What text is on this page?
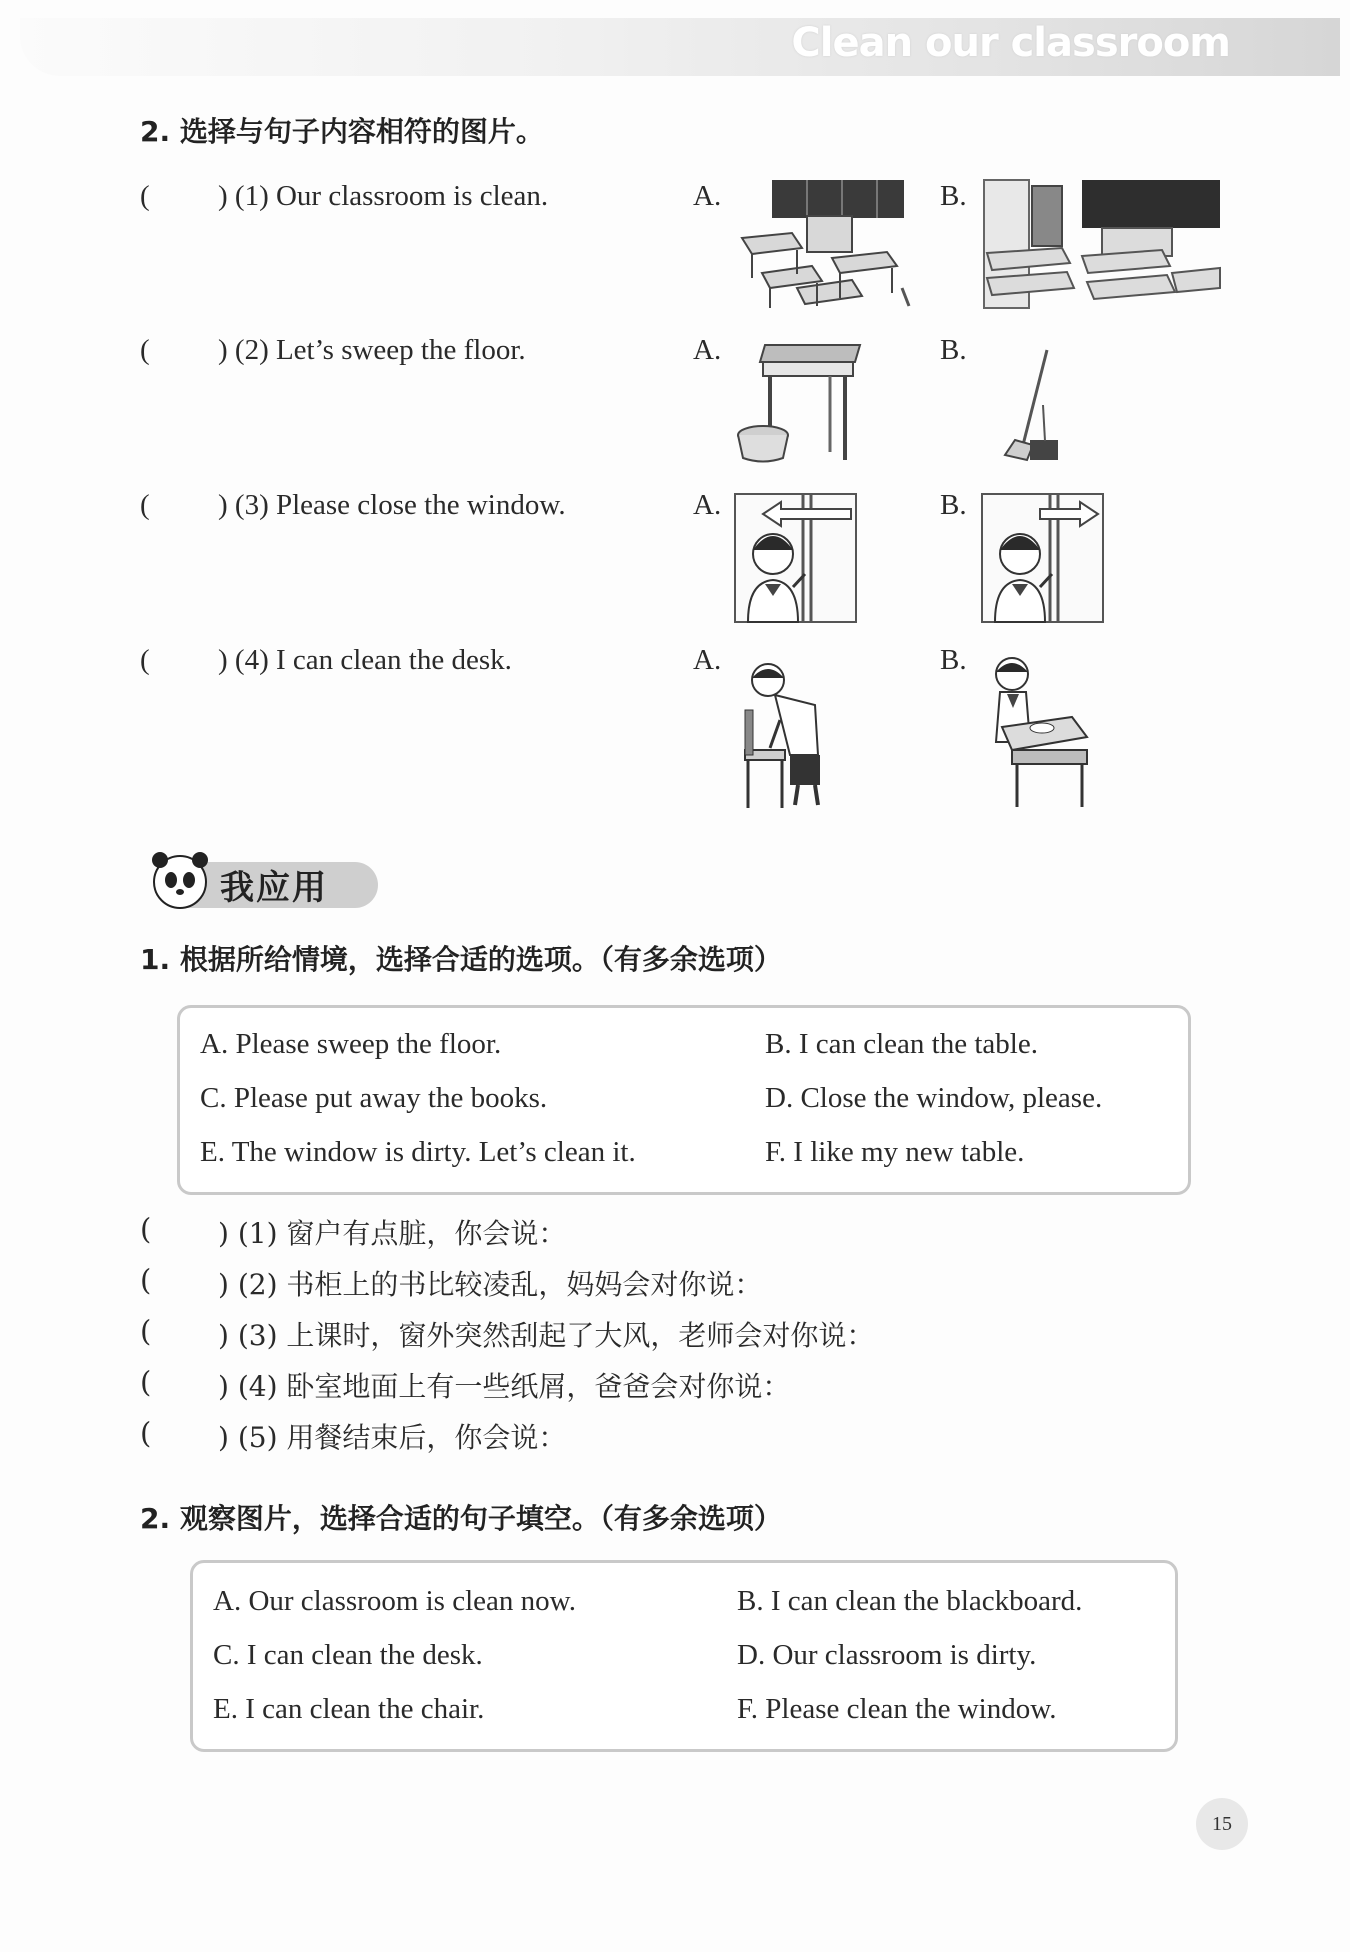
Clean our classroom
2. 选择与句子内容相符的图片。
( ) (1) Our classroom is clean.	A.	B.
( ) (2) Let’s sweep the floor.	A.	B.
( ) (3) Please close the window.	A.	B.
( ) (4) I can clean the desk.	A.	B.
我应用
1. 根据所给情境，选择合适的选项。（有多余选项）
A. Please sweep the floor.	B. I can clean the table.
C. Please put away the books.	D. Close the window, please.
E. The window is dirty. Let’s clean it.	F. I like my new table.
( ) (1) 窗户有点脏，你会说：
( ) (2) 书柜上的书比较凌乱，妈妈会对你说：
( ) (3) 上课时，窗外突然刮起了大风，老师会对你说：
( ) (4) 卧室地面上有一些纸屑，爸爸会对你说：
( ) (5) 用餐结束后，你会说：
2. 观察图片，选择合适的句子填空。（有多余选项）
A. Our classroom is clean now.	B. I can clean the blackboard.
C. I can clean the desk.	D. Our classroom is dirty.
E. I can clean the chair.	F. Please clean the window.
15
